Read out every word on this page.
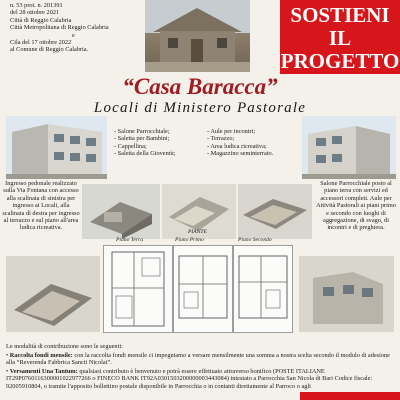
n. 53 prot. n. 201391
del 28 ottobre 2021
Città di Reggio Calabria
Città Metropolitana di Reggio Calabria
e
Cila del 17 ottobre 2022
al Comune di Reggio Calabria.
SOSTIENI
IL
PROGETTO
“Casa Baracca”
Locali di Ministero Pastorale
- Salone Parrocchiale;
- Saletta per Bambini;
- Cappellina;
- Saletta della Gioventù;
- Aule per incontri;
- Terrazzo;
- Area ludica ricreativa;
- Magazzino seminterrato.
Ingresso pedonale realizzato sulla Via Fontana con accesso alla scalinata di sinistra per ingresso ai Locali, alla scalinata di destra per ingresso al terrazzo e sul piano all'area ludica ricreativa.
Salone Parrocchiale posto al piano terra con servizi ed accessori completi. Aule per Attività Pastorali ai piani primo e secondo con luoghi di aggregazione, di svago, di incontri e di preghiera.
PIANTE
Piano Terra	Piano Primo	Piano Secondo
Le modalità di contribuzione sono le seguenti:
• Raccolta fondi mensile: con la raccolta fondi mensile ci impegniamo a versare mensilmente una somma a nostra scelta secondo il modulo di adesione alla “Reverenda Fabbrica Sancti Nicolai”.
• Versamenti Una Tantum: qualsiasi contributo è benvenuto e potrà essere effettuato attraverso bonifico (POSTE ITALIANE IT29P0760116300001022977266 o FINECO BANK IT92A0301503200000003443084) intestato a Parrocchia San Nicola di Bari Codice fiscale: 92005910804, o tramite l'apposito bollettino postale disponibile in Parrocchia o in contanti direttamente al Parroco o agli
